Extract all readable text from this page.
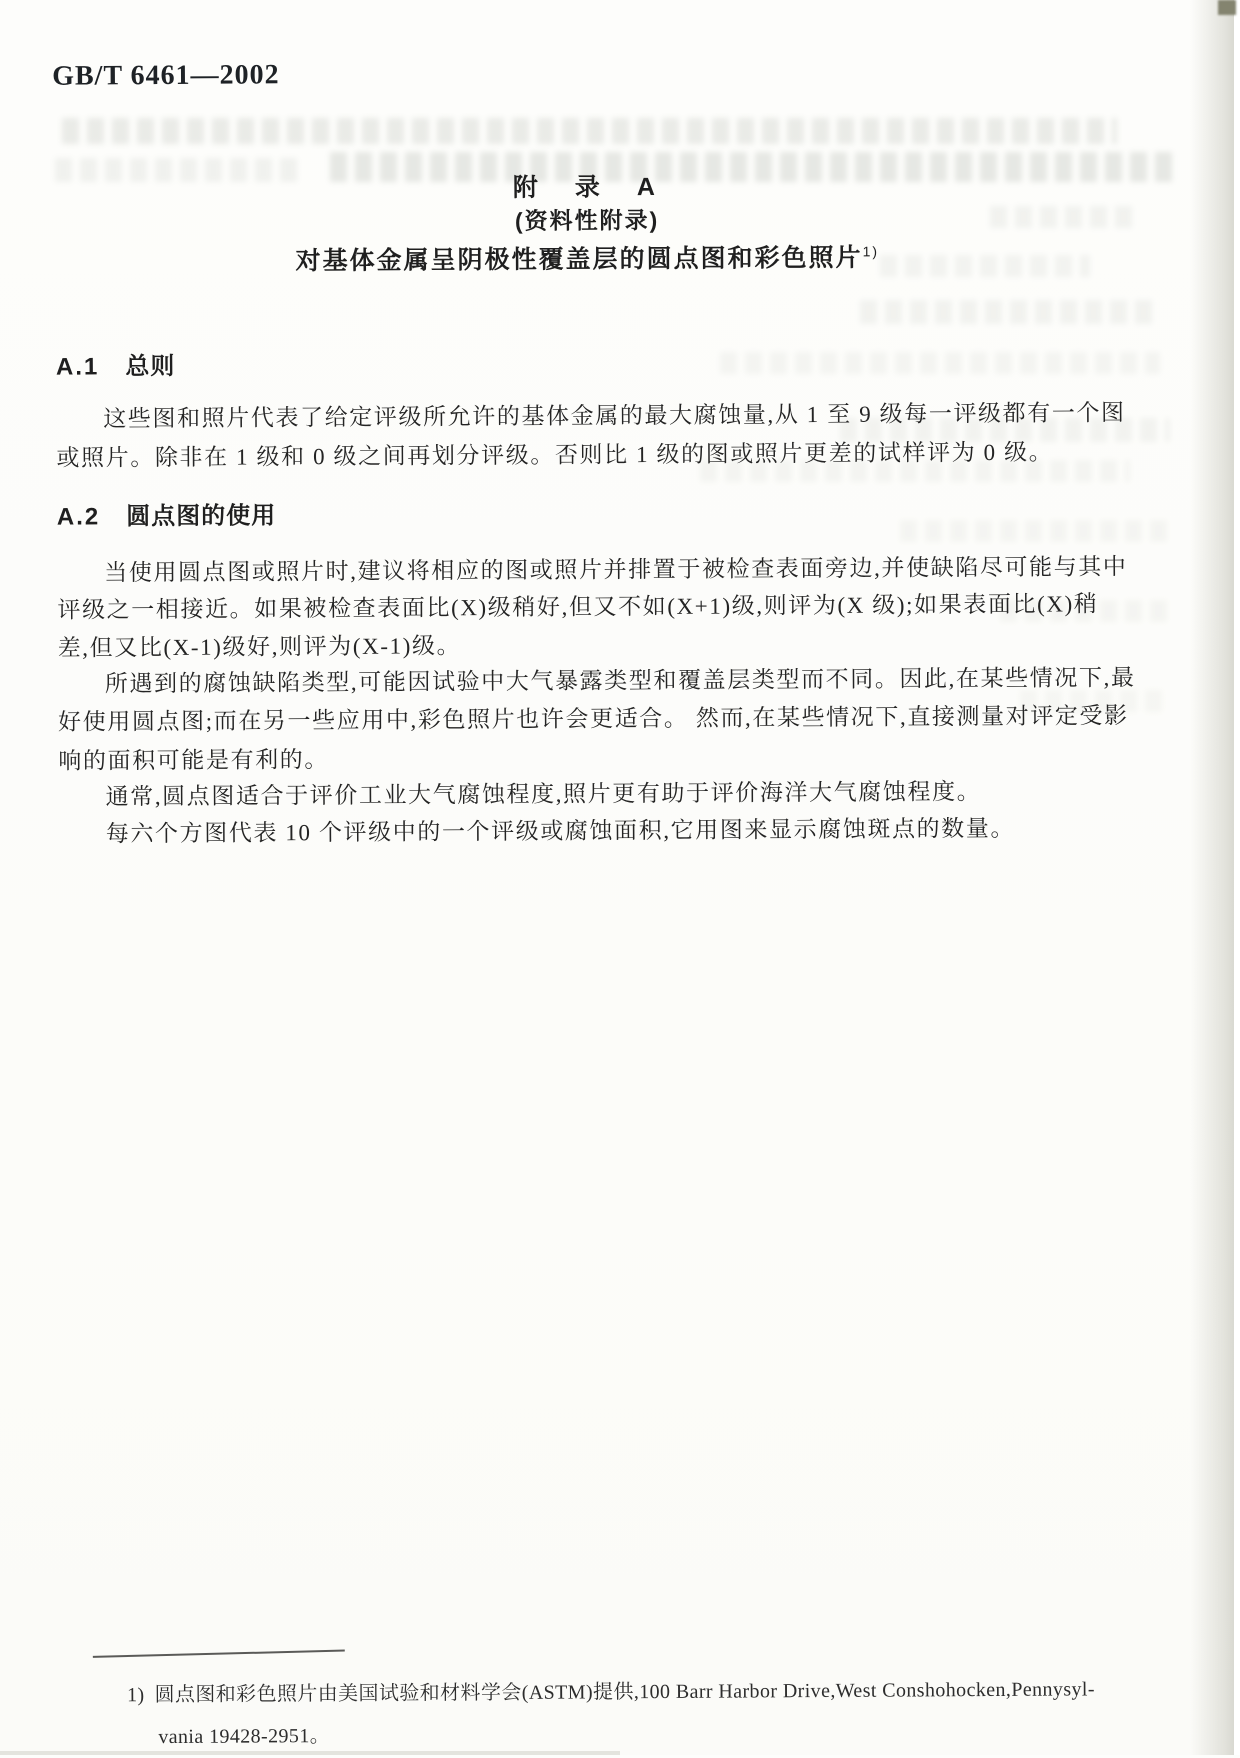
GB/T 6461—2002
附　录　A
(资料性附录)
对基体金属呈阴极性覆盖层的圆点图和彩色照片$^{1)}$
A.1 总则
这些图和照片代表了给定评级所允许的基体金属的最大腐蚀量,从 1 至 9 级每一评级都有一个图
或照片。除非在 1 级和 0 级之间再划分评级。否则比 1 级的图或照片更差的试样评为 0 级。
A.2 圆点图的使用
当使用圆点图或照片时,建议将相应的图或照片并排置于被检查表面旁边,并使缺陷尽可能与其中
评级之一相接近。如果被检查表面比(X)级稍好,但又不如(X+1)级,则评为(X 级);如果表面比(X)稍
差,但又比(X-1)级好,则评为(X-1)级。
所遇到的腐蚀缺陷类型,可能因试验中大气暴露类型和覆盖层类型而不同。因此,在某些情况下,最
好使用圆点图;而在另一些应用中,彩色照片也许会更适合。 然而,在某些情况下,直接测量对评定受影
响的面积可能是有利的。
通常,圆点图适合于评价工业大气腐蚀程度,照片更有助于评价海洋大气腐蚀程度。
每六个方图代表 10 个评级中的一个评级或腐蚀面积,它用图来显示腐蚀斑点的数量。
1) 圆点图和彩色照片由美国试验和材料学会(ASTM)提供,100 Barr Harbor Drive,West Conshohocken,Pennysyl-
vania 19428-2951。
